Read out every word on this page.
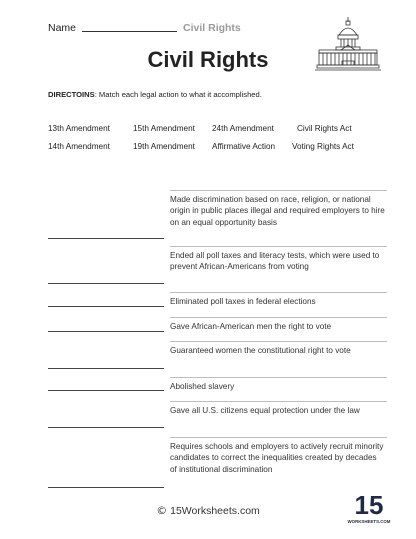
Name	Civil Rights
Civil Rights
DIRECTOINS: Match each legal action to what it accomplished.
13th Amendment	15th Amendment	24th Amendment	Civil Rights Act
14th Amendment	19th Amendment	Affirmative Action	Voting Rights Act
Made discrimination based on race, religion, or national origin in public places illegal and required employers to hire on an equal opportunity basis
Ended all poll taxes and literacy tests, which were used to prevent African-Americans from voting
Eliminated poll taxes in federal elections
Gave African-American men the right to vote
Guaranteed women the constitutional right to vote
Abolished slavery
Gave all U.S. citizens equal protection under the law
Requires schools and employers to actively recruit minority candidates to correct the inequalities created by decades of institutional discrimination
© 15Worksheets.com	15
WORKSHEETS.COM
